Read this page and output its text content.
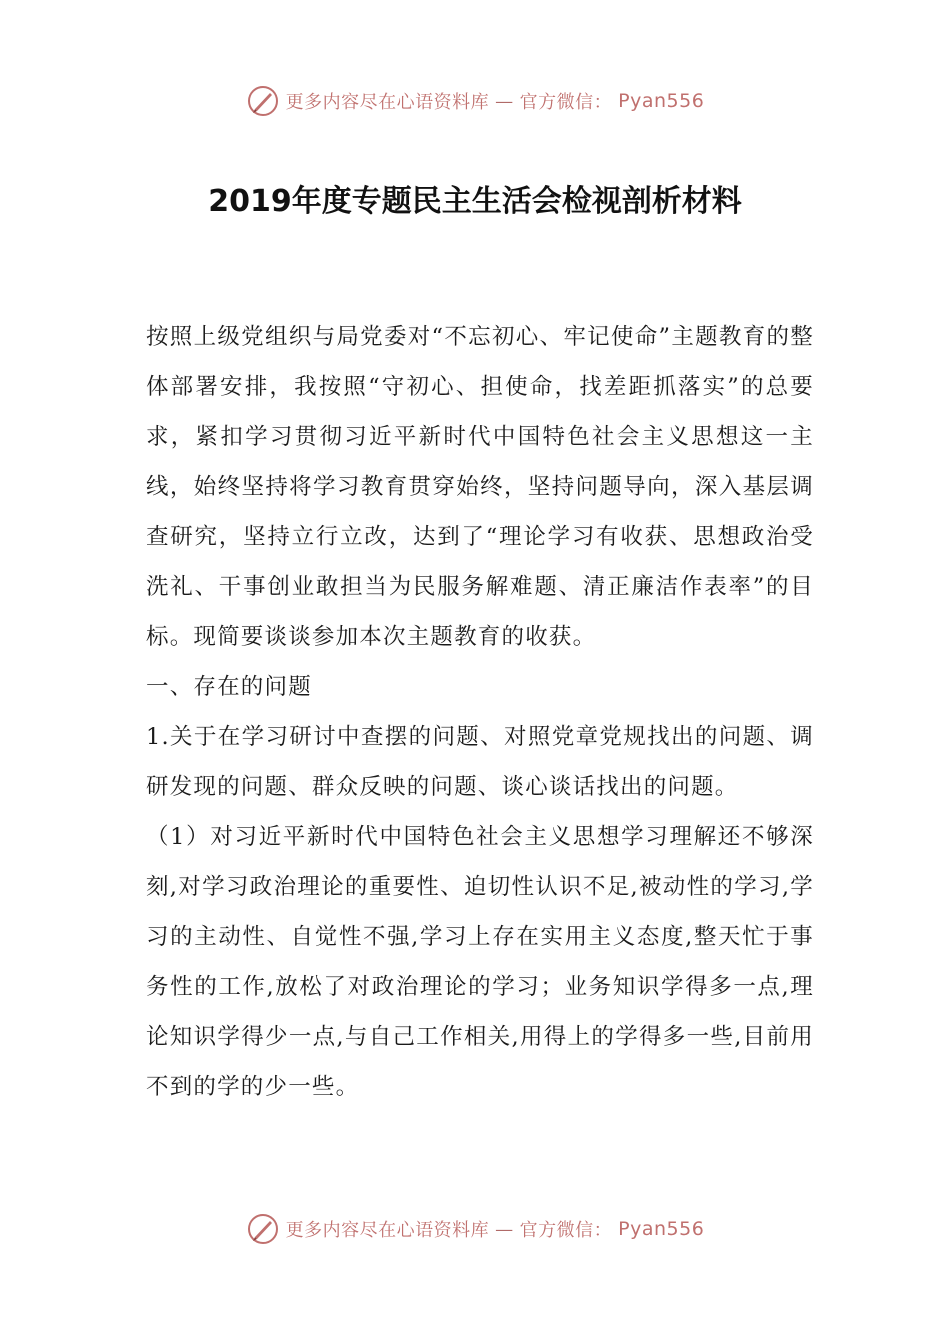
更多内容尽在心语资料库 — 官方微信： Pyan556
2019年度专题民主生活会检视剖析材料

按照上级党组织与局党委对“不忘初心、牢记使命”主题教育的整体部署安排，我按照“守初心、担使命，找差距抓落实”的总要求，紧扣学习贯彻习近平新时代中国特色社会主义思想这一主线，始终坚持将学习教育贯穿始终，坚持问题导向，深入基层调查研究，坚持立行立改，达到了“理论学习有收获、思想政治受洗礼、干事创业敢担当为民服务解难题、清正廉洁作表率”的目标。现简要谈谈参加本次主题教育的收获。

一、存在的问题

1.关于在学习研讨中查摆的问题、对照党章党规找出的问题、调研发现的问题、群众反映的问题、谈心谈话找出的问题。

（1）对习近平新时代中国特色社会主义思想学习理解还不够深刻,对学习政治理论的重要性、迫切性认识不足,被动性的学习,学习的主动性、自觉性不强,学习上存在实用主义态度,整天忙于事务性的工作,放松了对政治理论的学习；业务知识学得多一点,理论知识学得少一点,与自己工作相关,用得上的学得多一些,目前用不到的学的少一些。

更多内容尽在心语资料库 — 官方微信： Pyan556
